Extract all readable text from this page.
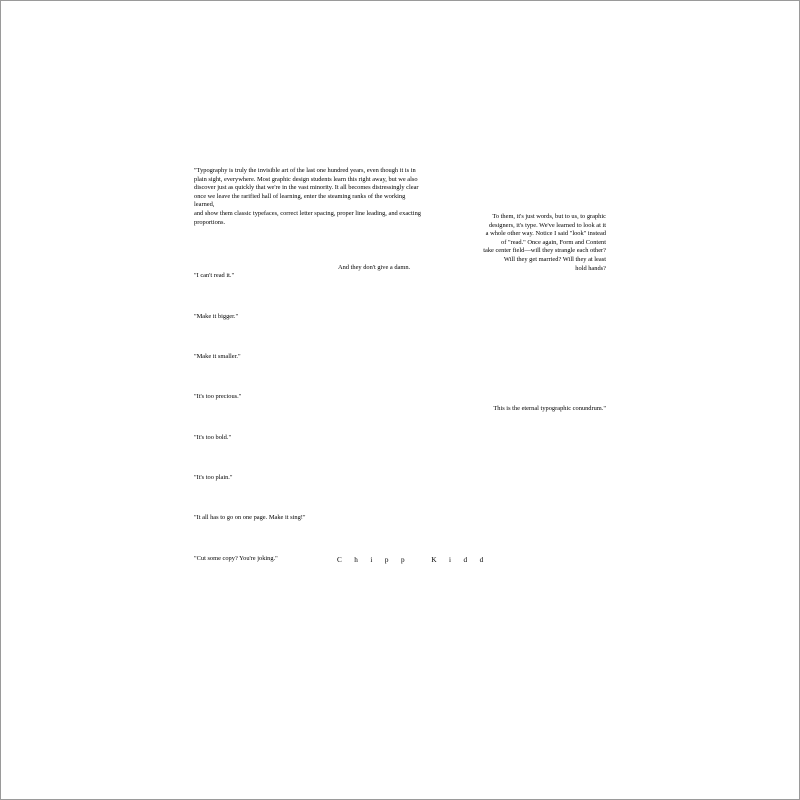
"Typography is truly the invisible art of the last one hundred years, even though it is in
plain sight, everywhere. Most graphic design students learn this right away, but we also
discover just as quickly that we're in the vast minority. It all becomes distressingly clear
once we leave the rarified hall of learning, enter the steaming ranks of the working learned,
and show them classic typefaces, correct letter spacing, proper line leading, and exacting
proportions.
To them, it's just words, but to us, to graphic
designers, it's type. We've learned to look at it
a whole other way. Notice I said "look" instead
of "read." Once again, Form and Content
take center field—will they strangle each other?
Will they get married? Will they at least
hold hands?
And they don't give a damn.
"I can't read it."
"Make it bigger."
"Make it smaller."
"It's too precious."
"It's too bold."
"It's too plain."
"It all has to go on one page. Make it sing!"
"Cut some copy? You're joking."
This is the eternal typographic conundrum."
Chipp Kidd
